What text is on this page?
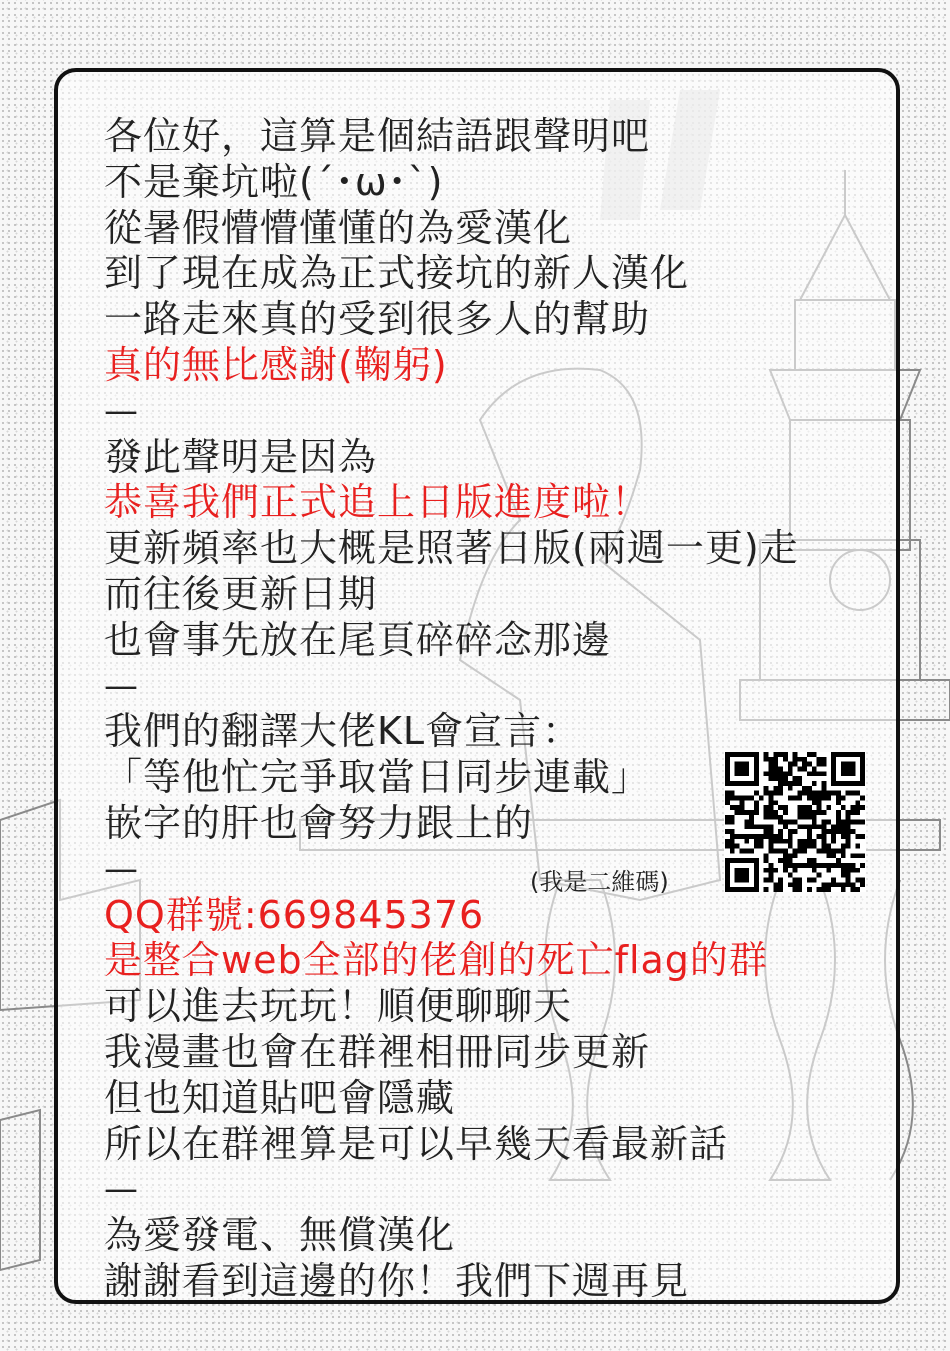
各位好，這算是個結語跟聲明吧
不是棄坑啦(´･ω･`)
從暑假懵懵懂懂的為愛漢化
到了現在成為正式接坑的新人漢化
一路走來真的受到很多人的幫助
真的無比感謝(鞠躬)
—
發此聲明是因為
恭喜我們正式追上日版進度啦！
更新頻率也大概是照著日版(兩週一更)走
而往後更新日期
也會事先放在尾頁碎碎念那邊
—
我們的翻譯大佬KL會宣言：
「等他忙完爭取當日同步連載」
嵌字的肝也會努力跟上的
—
QQ群號:669845376
是整合web全部的佬創的死亡flag的群
可以進去玩玩！順便聊聊天
我漫畫也會在群裡相冊同步更新
但也知道貼吧會隱藏
所以在群裡算是可以早幾天看最新話
—
為愛發電、無償漢化
謝謝看到這邊的你！我們下週再見
(我是二維碼)
